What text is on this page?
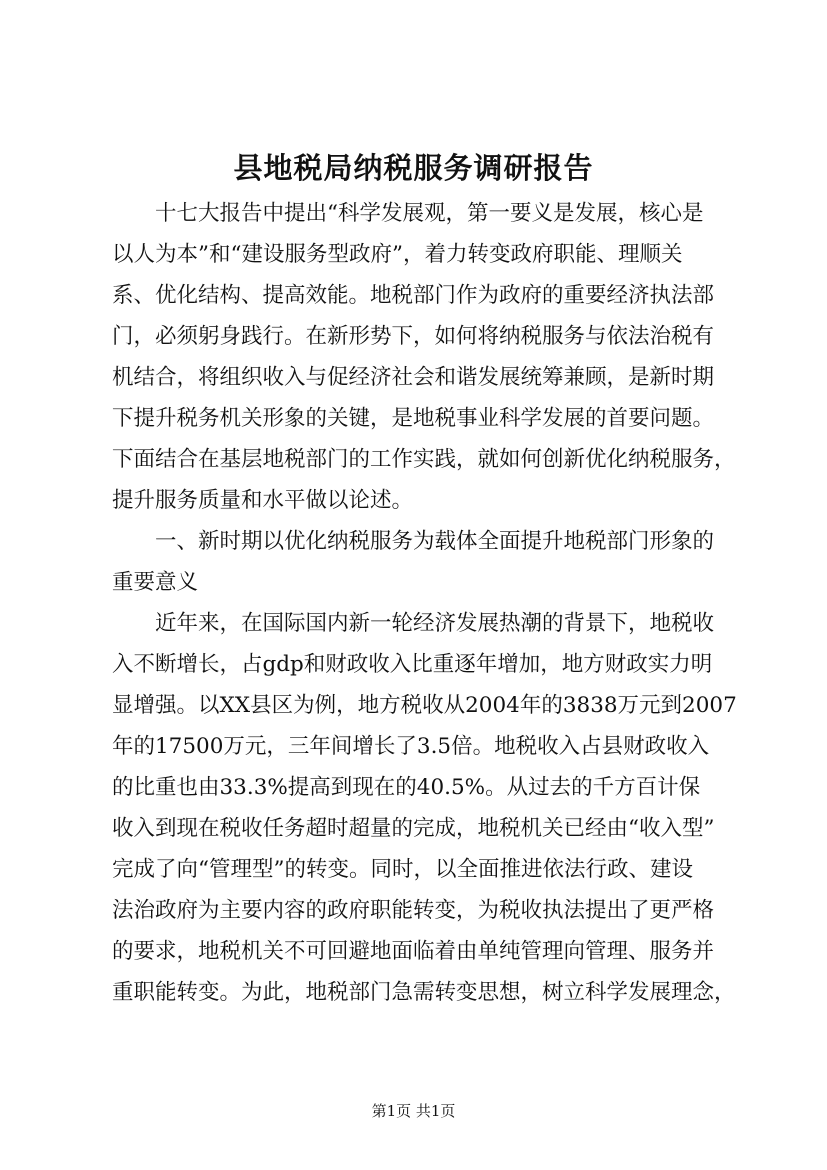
县地税局纳税服务调研报告
十七大报告中提出“科学发展观，第一要义是发展，核心是
以人为本”和“建设服务型政府”，着力转变政府职能、理顺关
系、优化结构、提高效能。地税部门作为政府的重要经济执法部
门，必须躬身践行。在新形势下，如何将纳税服务与依法治税有
机结合，将组织收入与促经济社会和谐发展统筹兼顾，是新时期
下提升税务机关形象的关键，是地税事业科学发展的首要问题。
下面结合在基层地税部门的工作实践，就如何创新优化纳税服务，
提升服务质量和水平做以论述。
一、新时期以优化纳税服务为载体全面提升地税部门形象的
重要意义
近年来，在国际国内新一轮经济发展热潮的背景下，地税收
入不断增长，占gdp和财政收入比重逐年增加，地方财政实力明
显增强。以XX县区为例，地方税收从2004年的3838万元到2007
年的17500万元，三年间增长了3.5倍。地税收入占县财政收入
的比重也由33.3%提高到现在的40.5%。从过去的千方百计保
收入到现在税收任务超时超量的完成，地税机关已经由“收入型”
完成了向“管理型”的转变。同时，以全面推进依法行政、建设
法治政府为主要内容的政府职能转变，为税收执法提出了更严格
的要求，地税机关不可回避地面临着由单纯管理向管理、服务并
重职能转变。为此，地税部门急需转变思想，树立科学发展理念，
第1页 共1页
